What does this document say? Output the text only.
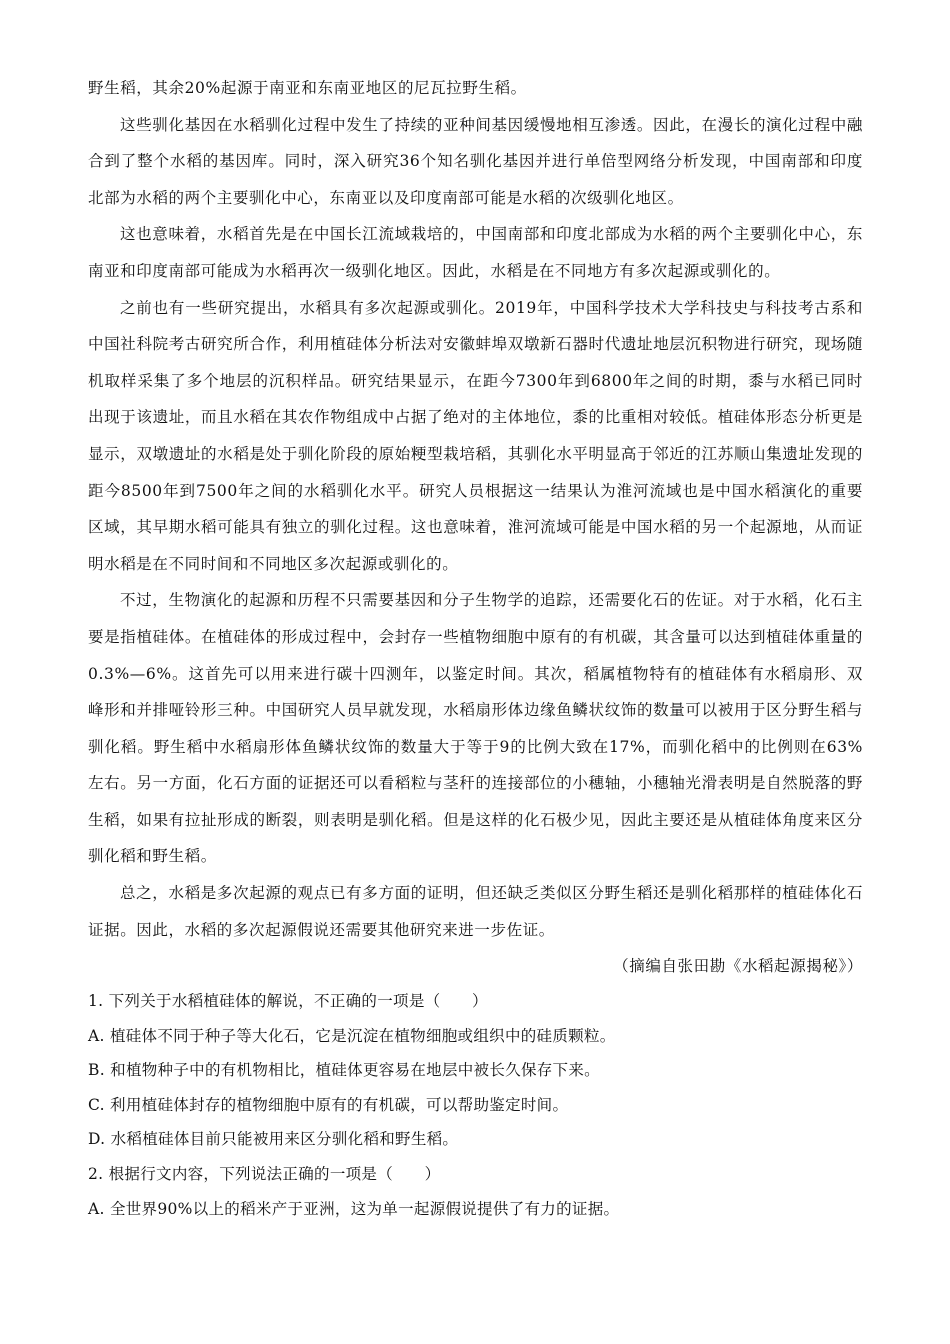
野生稻，其余20%起源于南亚和东南亚地区的尼瓦拉野生稻。

这些驯化基因在水稻驯化过程中发生了持续的亚种间基因缓慢地相互渗透。因此，在漫长的演化过程中融合到了整个水稻的基因库。同时，深入研究36个知名驯化基因并进行单倍型网络分析发现，中国南部和印度北部为水稻的两个主要驯化中心，东南亚以及印度南部可能是水稻的次级驯化地区。

这也意味着，水稻首先是在中国长江流域栽培的，中国南部和印度北部成为水稻的两个主要驯化中心，东南亚和印度南部可能成为水稻再次一级驯化地区。因此，水稻是在不同地方有多次起源或驯化的。

之前也有一些研究提出，水稻具有多次起源或驯化。2019年，中国科学技术大学科技史与科技考古系和中国社科院考古研究所合作，利用植硅体分析法对安徽蚌埠双墩新石器时代遗址地层沉积物进行研究，现场随机取样采集了多个地层的沉积样品。研究结果显示，在距今7300年到6800年之间的时期，黍与水稻已同时出现于该遗址，而且水稻在其农作物组成中占据了绝对的主体地位，黍的比重相对较低。植硅体形态分析更是显示，双墩遗址的水稻是处于驯化阶段的原始粳型栽培稻，其驯化水平明显高于邻近的江苏顺山集遗址发现的距今8500年到7500年之间的水稻驯化水平。研究人员根据这一结果认为淮河流域也是中国水稻演化的重要区域，其早期水稻可能具有独立的驯化过程。这也意味着，淮河流域可能是中国水稻的另一个起源地，从而证明水稻是在不同时间和不同地区多次起源或驯化的。

不过，生物演化的起源和历程不只需要基因和分子生物学的追踪，还需要化石的佐证。对于水稻，化石主要是指植硅体。在植硅体的形成过程中，会封存一些植物细胞中原有的有机碳，其含量可以达到植硅体重量的0.3%—6%。这首先可以用来进行碳十四测年，以鉴定时间。其次，稻属植物特有的植硅体有水稻扇形、双峰形和并排哑铃形三种。中国研究人员早就发现，水稻扇形体边缘鱼鳞状纹饰的数量可以被用于区分野生稻与驯化稻。野生稻中水稻扇形体鱼鳞状纹饰的数量大于等于9的比例大致在17%，而驯化稻中的比例则在63%左右。另一方面，化石方面的证据还可以看稻粒与茎秆的连接部位的小穗轴，小穗轴光滑表明是自然脱落的野生稻，如果有拉扯形成的断裂，则表明是驯化稻。但是这样的化石极少见，因此主要还是从植硅体角度来区分驯化稻和野生稻。

总之，水稻是多次起源的观点已有多方面的证明，但还缺乏类似区分野生稻还是驯化稻那样的植硅体化石证据。因此，水稻的多次起源假说还需要其他研究来进一步佐证。

（摘编自张田勘《水稻起源揭秘》）

1. 下列关于水稻植硅体的解说，不正确的一项是（　　）

A. 植硅体不同于种子等大化石，它是沉淀在植物细胞或组织中的硅质颗粒。

B. 和植物种子中的有机物相比，植硅体更容易在地层中被长久保存下来。

C. 利用植硅体封存的植物细胞中原有的有机碳，可以帮助鉴定时间。

D. 水稻植硅体目前只能被用来区分驯化稻和野生稻。

2. 根据行文内容，下列说法正确的一项是（　　）

A. 全世界90%以上的稻米产于亚洲，这为单一起源假说提供了有力的证据。
